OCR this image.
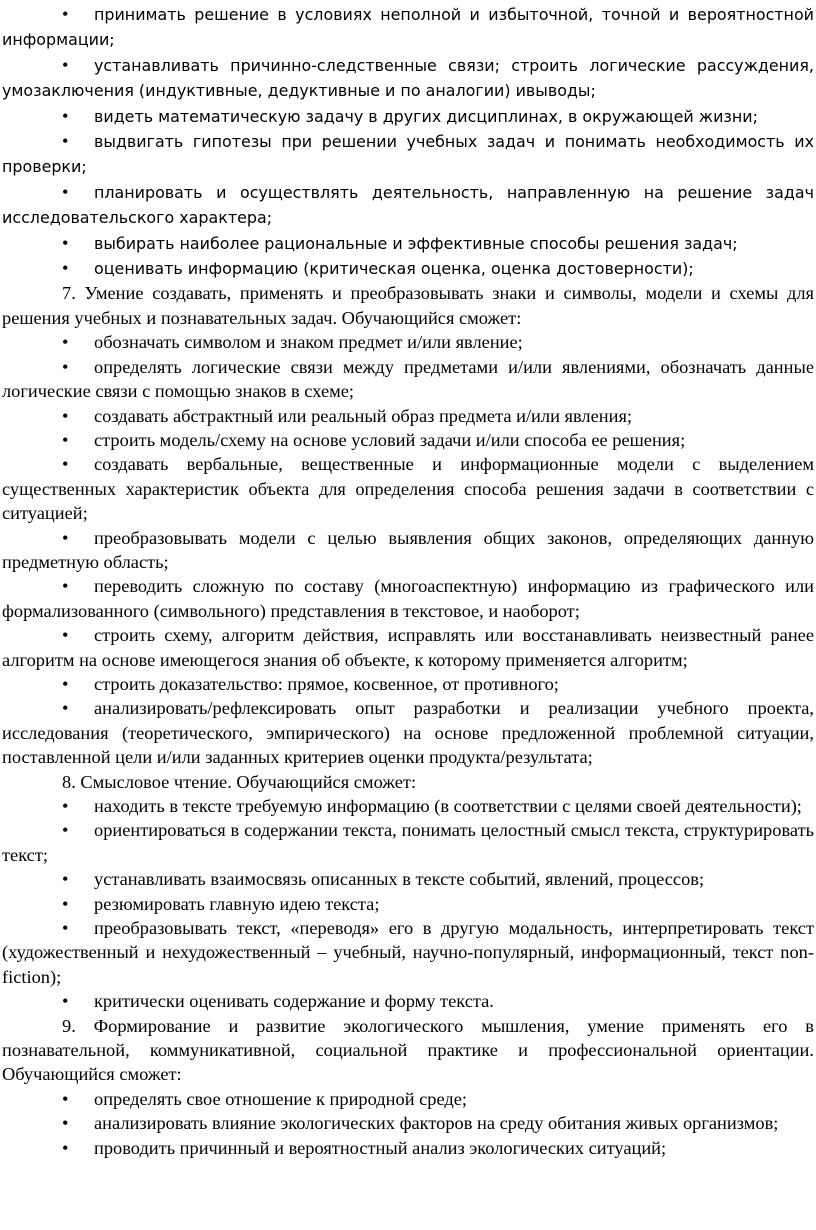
• принимать решение в условиях неполной и избыточной, точной и вероятностной информации;

• устанавливать причинно-следственные связи; строить логические рассуждения, умозаключения (индуктивные, дедуктивные и по аналогии) ивыводы;

• видеть математическую задачу в других дисциплинах, в окружающей жизни;

• выдвигать гипотезы при решении учебных задач и понимать необходимость их проверки;

• планировать и осуществлять деятельность, направленную на решение задач исследовательского характера;

• выбирать наиболее рациональные и эффективные способы решения задач;

• оценивать информацию (критическая оценка, оценка достоверности);

7. Умение создавать, применять и преобразовывать знаки и символы, модели и схемы для решения учебных и познавательных задач. Обучающийся сможет:

• обозначать символом и знаком предмет и/или явление;

• определять логические связи между предметами и/или явлениями, обозначать данные логические связи с помощью знаков в схеме;

• создавать абстрактный или реальный образ предмета и/или явления;

• строить модель/схему на основе условий задачи и/или способа ее решения;

• создавать вербальные, вещественные и информационные модели с выделением существенных характеристик объекта для определения способа решения задачи в соответствии с ситуацией;

• преобразовывать модели с целью выявления общих законов, определяющих данную предметную область;

• переводить сложную по составу (многоаспектную) информацию из графического или формализованного (символьного) представления в текстовое, и наоборот;

• строить схему, алгоритм действия, исправлять или восстанавливать неизвестный ранее алгоритм на основе имеющегося знания об объекте, к которому применяется алгоритм;

• строить доказательство: прямое, косвенное, от противного;

• анализировать/рефлексировать опыт разработки и реализации учебного проекта, исследования (теоретического, эмпирического) на основе предложенной проблемной ситуации, поставленной цели и/или заданных критериев оценки продукта/результата;

8. Смысловое чтение. Обучающийся сможет:

• находить в тексте требуемую информацию (в соответствии с целями своей деятельности);

• ориентироваться в содержании текста, понимать целостный смысл текста, структурировать текст;

• устанавливать взаимосвязь описанных в тексте событий, явлений, процессов;

• резюмировать главную идею текста;

• преобразовывать текст, «переводя» его в другую модальность, интерпретировать текст (художественный и нехудожественный – учебный, научно-популярный, информационный, текст non-fiction);

• критически оценивать содержание и форму текста.

9. Формирование и развитие экологического мышления, умение применять его в познавательной, коммуникативной, социальной практике и профессиональной ориентации. Обучающийся сможет:

• определять свое отношение к природной среде;

• анализировать влияние экологических факторов на среду обитания живых организмов;

• проводить причинный и вероятностный анализ экологических ситуаций;
